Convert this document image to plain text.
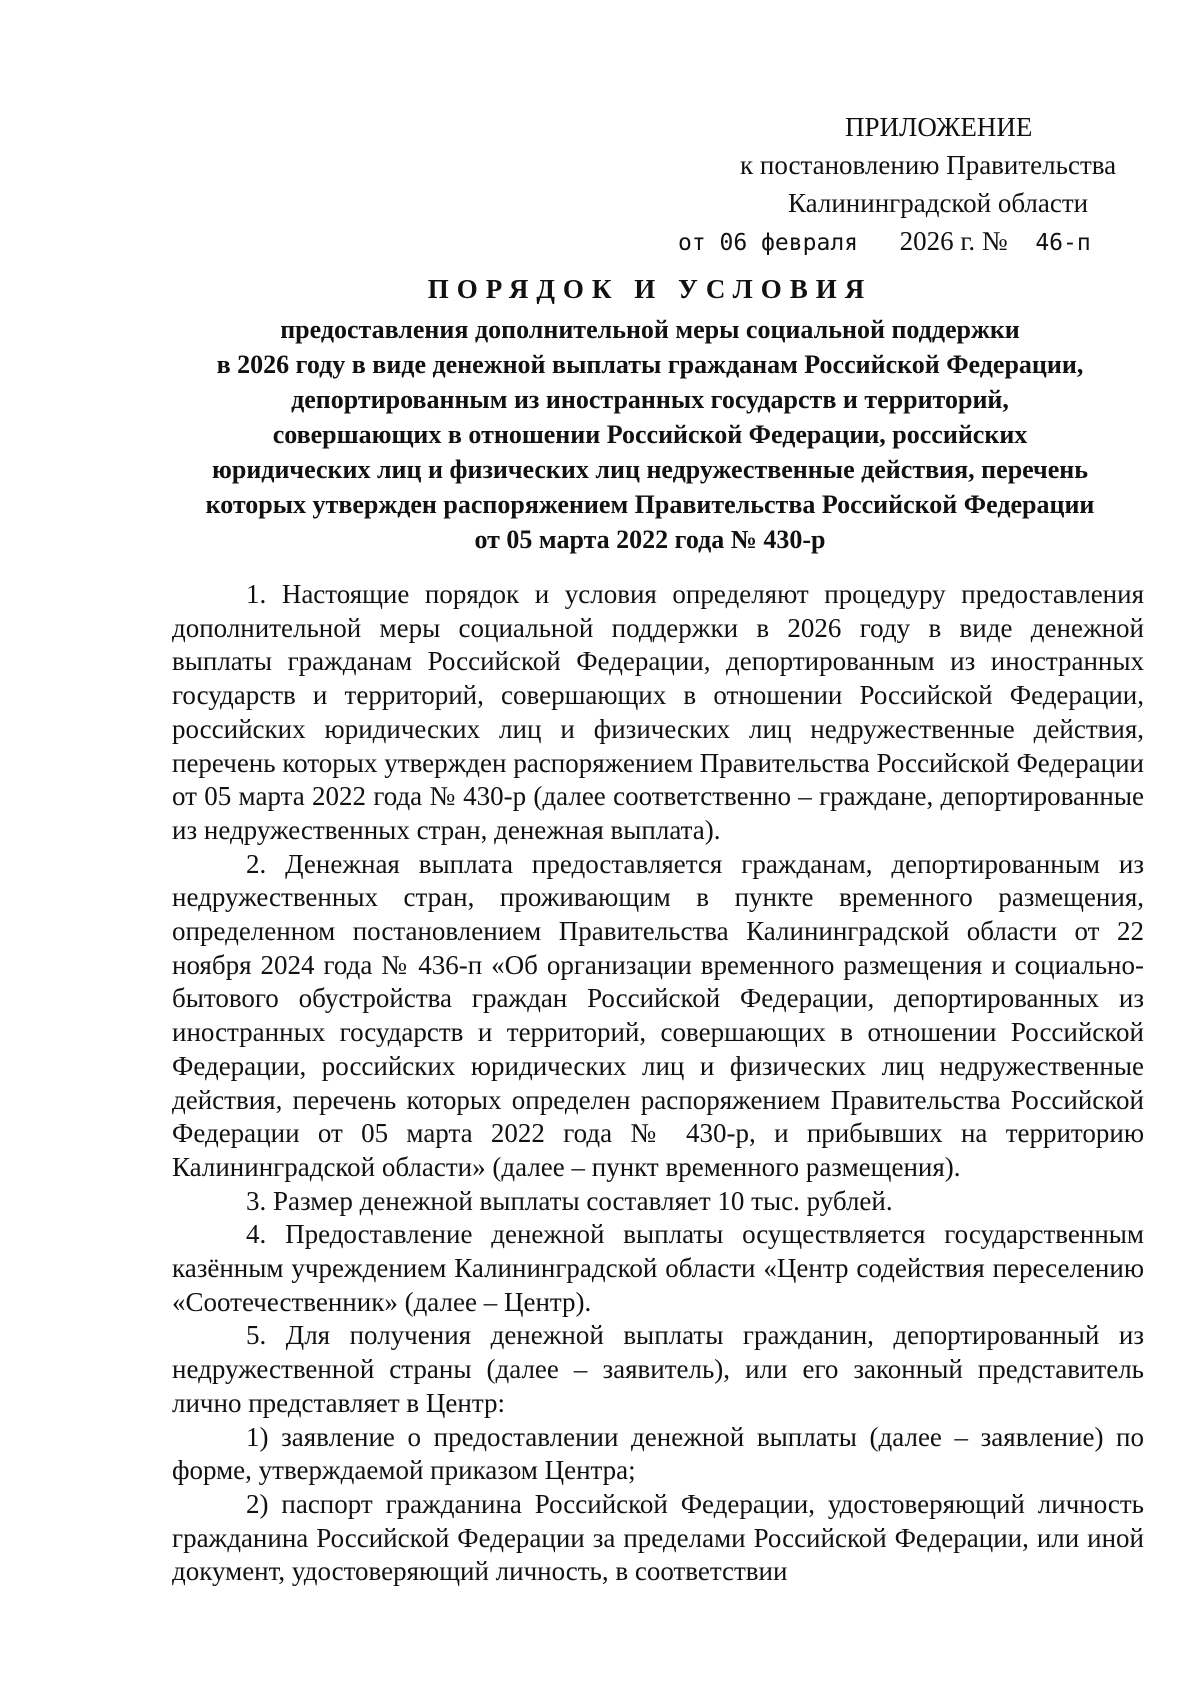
ПРИЛОЖЕНИЕ
к постановлению Правительства
Калининградской области
от 06 февраля 2026 г. № 46-п
ПОРЯДОК И УСЛОВИЯ
предоставления дополнительной меры социальной поддержки
в 2026 году в виде денежной выплаты гражданам Российской Федерации,
депортированным из иностранных государств и территорий,
совершающих в отношении Российской Федерации, российских
юридических лиц и физических лиц недружественные действия, перечень
которых утвержден распоряжением Правительства Российской Федерации
от 05 марта 2022 года № 430-р

1. Настоящие порядок и условия определяют процедуру предоставления дополнительной меры социальной поддержки в 2026 году в виде денежной выплаты гражданам Российской Федерации, депортированным из иностранных государств и территорий, совершающих в отношении Российской Федерации, российских юридических лиц и физических лиц недружественные действия, перечень которых утвержден распоряжением Правительства Российской Федерации от 05 марта 2022 года № 430-р (далее соответственно – граждане, депортированные из недружественных стран, денежная выплата).

2. Денежная выплата предоставляется гражданам, депортированным из недружественных стран, проживающим в пункте временного размещения, определенном постановлением Правительства Калининградской области от 22 ноября 2024 года № 436-п «Об организации временного размещения и социально-бытового обустройства граждан Российской Федерации, депортированных из иностранных государств и территорий, совершающих в отношении Российской Федерации, российских юридических лиц и физических лиц недружественные действия, перечень которых определен распоряжением Правительства Российской Федерации от 05 марта 2022 года № 430-р, и прибывших на территорию Калининградской области» (далее – пункт временного размещения).

3. Размер денежной выплаты составляет 10 тыс. рублей.

4. Предоставление денежной выплаты осуществляется государственным казённым учреждением Калининградской области «Центр содействия переселению «Соотечественник» (далее – Центр).

5. Для получения денежной выплаты гражданин, депортированный из недружественной страны (далее – заявитель), или его законный представитель лично представляет в Центр:

1) заявление о предоставлении денежной выплаты (далее – заявление) по форме, утверждаемой приказом Центра;

2) паспорт гражданина Российской Федерации, удостоверяющий личность гражданина Российской Федерации за пределами Российской Федерации, или иной документ, удостоверяющий личность, в соответствии
